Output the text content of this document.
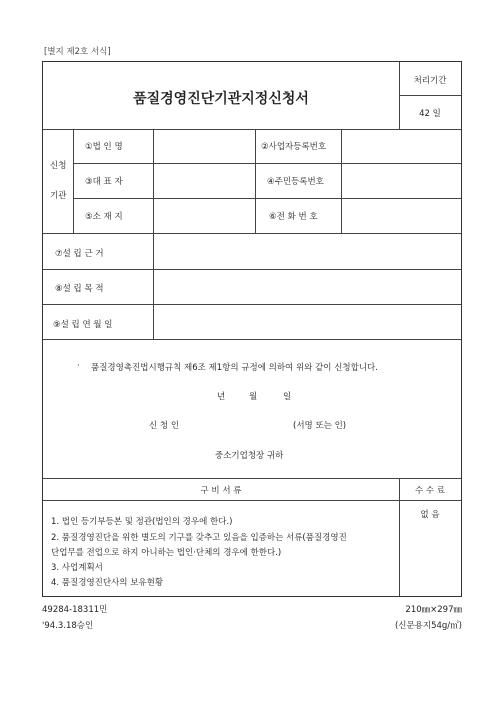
[별지 제2호 서식]
품질경영진단기관지정신청서
처리기간
42 일
신청
기관
①법 인 명	②사업자등록번호
③대 표 자	④주민등록번호
⑤소 재 지	⑥전 화 번 호
⑦설 립 근 거
⑧설 립 목 적
⑨설 립 연 월 일
· 품질경영촉진법시행규칙 제6조 제1항의 규정에 의하여 위와 같이 신청합니다.
년	월	일
신 청 인	(서명 또는 인)
중소기업청장 귀하
구 비 서 류	수 수 료
없 음
1. 법인 등기부등본 및 정관(법인의 경우에 한다.)
2. 품질경영진단을 위한 별도의 기구를 갖추고 있음을 입증하는 서류(품질경영진
단업무를 전업으로 하지 아니하는 법인·단체의 경우에 한한다.)
3. 사업계획서
4. 품질경영진단사의 보유현황
49284-18311민
'94.3.18승인
210㎜×297㎜
(신문용지54g/㎡)
